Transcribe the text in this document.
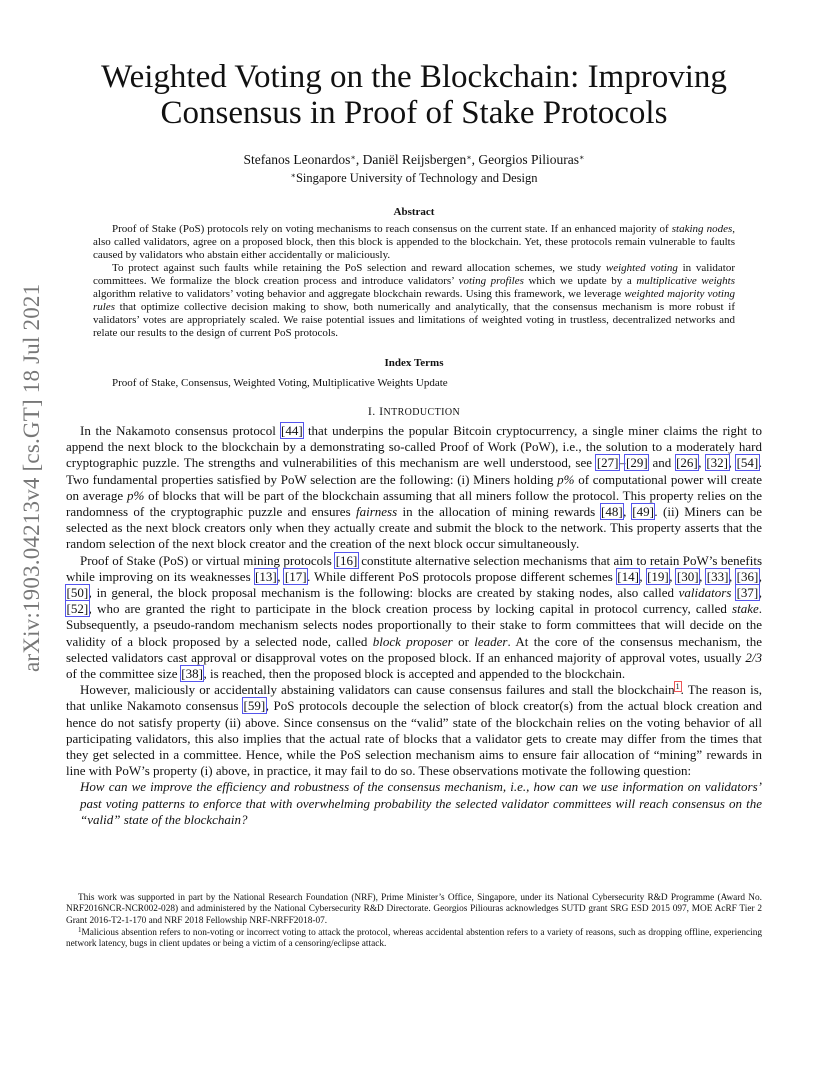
arXiv:1903.04213v4 [cs.GT] 18 Jul 2021
Weighted Voting on the Blockchain: Improving Consensus in Proof of Stake Protocols
Stefanos Leonardos∗, Daniël Reijsbergen∗, Georgios Piliouras∗
∗Singapore University of Technology and Design
Abstract

Proof of Stake (PoS) protocols rely on voting mechanisms to reach consensus on the current state. If an enhanced majority of staking nodes, also called validators, agree on a proposed block, then this block is appended to the blockchain. Yet, these protocols remain vulnerable to faults caused by validators who abstain either accidentally or maliciously.

To protect against such faults while retaining the PoS selection and reward allocation schemes, we study weighted voting in validator committees. We formalize the block creation process and introduce validators’ voting profiles which we update by a multiplicative weights algorithm relative to validators’ voting behavior and aggregate blockchain rewards. Using this framework, we leverage weighted majority voting rules that optimize collective decision making to show, both numerically and analytically, that the consensus mechanism is more robust if validators’ votes are appropriately scaled. We raise potential issues and limitations of weighted voting in trustless, decentralized networks and relate our results to the design of current PoS protocols.

Index Terms
Proof of Stake, Consensus, Weighted Voting, Multiplicative Weights Update
I. INTRODUCTION

In the Nakamoto consensus protocol [44] that underpins the popular Bitcoin cryptocurrency, a single miner claims the right to append the next block to the blockchain by a demonstrating so-called Proof of Work (PoW), i.e., the solution to a moderately hard cryptographic puzzle. The strengths and vulnerabilities of this mechanism are well understood, see [27]–[29] and [26], [32], [54]. Two fundamental properties satisfied by PoW selection are the following: (i) Miners holding p% of computational power will create on average p% of blocks that will be part of the blockchain assuming that all miners follow the protocol. This property relies on the randomness of the cryptographic puzzle and ensures fairness in the allocation of mining rewards [48], [49]. (ii) Miners can be selected as the next block creators only when they actually create and submit the block to the network. This property asserts that the random selection of the next block creator and the creation of the next block occur simultaneously.

Proof of Stake (PoS) or virtual mining protocols [16] constitute alternative selection mechanisms that aim to retain PoW’s benefits while improving on its weaknesses [13], [17]. While different PoS protocols propose different schemes [14], [19], [30], [33], [36], [50], in general, the block proposal mechanism is the following: blocks are created by staking nodes, also called validators [37], [52], who are granted the right to participate in the block creation process by locking capital in protocol currency, called stake. Subsequently, a pseudo-random mechanism selects nodes proportionally to their stake to form committees that will decide on the validity of a block proposed by a selected node, called block proposer or leader. At the core of the consensus mechanism, the selected validators cast approval or disapproval votes on the proposed block. If an enhanced majority of approval votes, usually 2/3 of the committee size [38], is reached, then the proposed block is accepted and appended to the blockchain.

However, maliciously or accidentally abstaining validators can cause consensus failures and stall the blockchain$^1$. The reason is, that unlike Nakamoto consensus [59], PoS protocols decouple the selection of block creator(s) from the actual block creation and hence do not satisfy property (ii) above. Since consensus on the “valid” state of the blockchain relies on the voting behavior of all participating validators, this also implies that the actual rate of blocks that a validator gets to create may differ from the times that they get selected in a committee. Hence, while the PoS selection mechanism aims to ensure fair allocation of “mining” rewards in line with PoW’s property (i) above, in practice, it may fail to do so. These observations motivate the following question:

How can we improve the efficiency and robustness of the consensus mechanism, i.e., how can we use information on validators’ past voting patterns to enforce that with overwhelming probability the selected validator committees will reach consensus on the “valid” state of the blockchain?

This work was supported in part by the National Research Foundation (NRF), Prime Minister’s Office, Singapore, under its National Cybersecurity R&D Programme (Award No. NRF2016NCR-NCR002-028) and administered by the National Cybersecurity R&D Directorate. Georgios Piliouras acknowledges SUTD grant SRG ESD 2015 097, MOE AcRF Tier 2 Grant 2016-T2-1-170 and NRF 2018 Fellowship NRF-NRFF2018-07.

$^1$Malicious absention refers to non-voting or incorrect voting to attack the protocol, whereas accidental abstention refers to a variety of reasons, such as dropping offline, experiencing network latency, bugs in client updates or being a victim of a censoring/eclipse attack.
